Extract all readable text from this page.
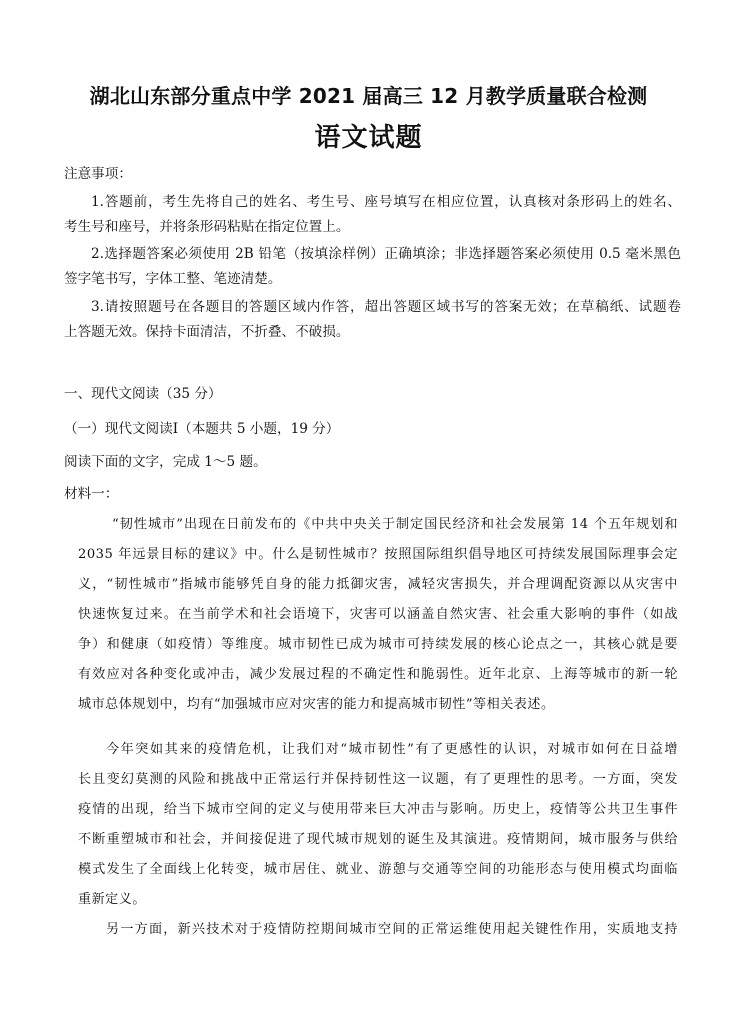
湖北山东部分重点中学 2021 届高三 12 月教学质量联合检测
语文试题
注意事项：
1.答题前，考生先将自己的姓名、考生号、座号填写在相应位置，认真核对条形码上的姓名、
考生号和座号，并将条形码粘贴在指定位置上。
2.选择题答案必须使用 2B 铅笔（按填涂样例）正确填涂；非选择题答案必须使用 0.5 毫米黑色
签字笔书写，字体工整、笔迹清楚。
3.请按照题号在各题目的答题区域内作答，超出答题区域书写的答案无效；在草稿纸、试题卷
上答题无效。保持卡面清洁，不折叠、不破损。
一、现代文阅读（35 分）
（一）现代文阅读Ⅰ（本题共 5 小题，19 分）
阅读下面的文字，完成 1～5 题。
材料一：
“韧性城市”出现在日前发布的《中共中央关于制定国民经济和社会发展第 14 个五年规划和
2035 年远景目标的建议》中。什么是韧性城市？按照国际组织倡导地区可持续发展国际理事会定
义，“韧性城市”指城市能够凭自身的能力抵御灾害，减轻灾害损失，并合理调配资源以从灾害中
快速恢复过来。在当前学术和社会语境下，灾害可以涵盖自然灾害、社会重大影响的事件（如战
争）和健康（如疫情）等维度。城市韧性已成为城市可持续发展的核心论点之一，其核心就是要
有效应对各种变化或冲击，减少发展过程的不确定性和脆弱性。近年北京、上海等城市的新一轮
城市总体规划中，均有“加强城市应对灾害的能力和提高城市韧性”等相关表述。
今年突如其来的疫情危机，让我们对“城市韧性”有了更感性的认识，对城市如何在日益增
长且变幻莫测的风险和挑战中正常运行并保持韧性这一议题，有了更理性的思考。一方面，突发
疫情的出现，给当下城市空间的定义与使用带来巨大冲击与影响。历史上，疫情等公共卫生事件
不断重塑城市和社会，并间接促进了现代城市规划的诞生及其演进。疫情期间，城市服务与供给
模式发生了全面线上化转变，城市居住、就业、游憩与交通等空间的功能形态与使用模式均面临
重新定义。
另一方面，新兴技术对于疫情防控期间城市空间的正常运维使用起关键性作用，实质地支持
